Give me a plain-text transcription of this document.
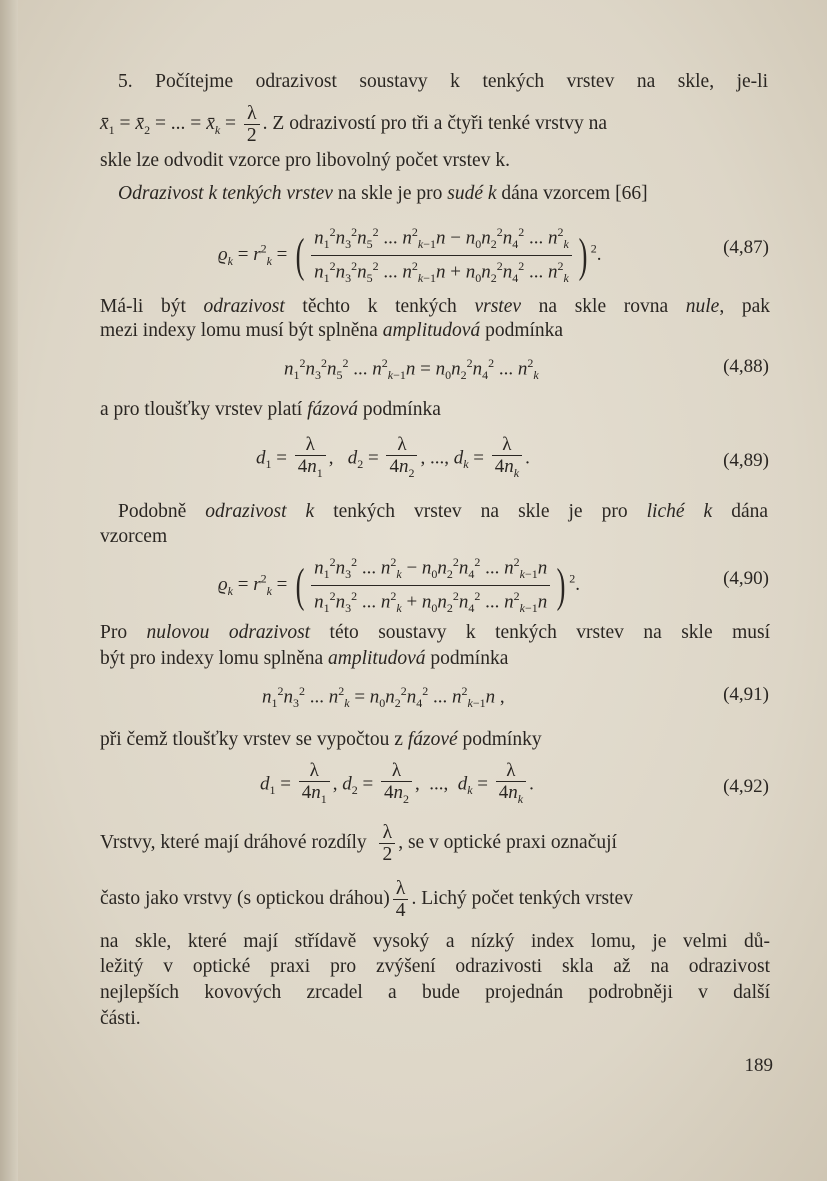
5. Počítejme odrazivost soustavy k tenkých vrstev na skle, je-li
$x̄_1$ = $x̄_2$ = ... = $x̄_k = \frac{\lambda}{2}$ . Z odrazivostí pro tři a čtyři tenké vrstvy na
skle lze odvodit vzorce pro libovolný počet vrstev k.
Odrazivost k tenkých vrstev na skle je pro sudé k dána vzorcem [66]
$ϱ_k = r^2_k$ = ( $\frac{n_1^2n_3^2n_5^2 ... n^2_{k-1}n - n_0n_2^2n_4^2 ... n^2_k}{n_1^2n_3^2n_5^2 ... n^2_{k-1}n + n_0n_2^2n_4^2 ... n^2_k}$ ) $^2$.	(4,87)
Má-li být odrazivost těchto k tenkých vrstev na skle rovna nule, pak
mezi indexy lomu musí být splněna amplitudová podmínka
$n_1^2n_3^2n_5^2$ ... $n^2_{k-1}n = n_0n_2^2n_4^2$ ... $n^2_k$	(4,88)
a pro tloušťky vrstev platí fázová podmínka
$d_1 = \frac{\lambda}{4n_1}$ ,   $d_2 = \frac{\lambda}{4n_2}$ , ..., $d_k = \frac{\lambda}{4n_k}$ .	(4,89)
Podobně odrazivost k tenkých vrstev na skle je pro liché k dána
vzorcem
$ϱ_k = r^2_k$ = ( $\frac{n_1^2n_3^2 ... n^2_k - n_0n_2^2n_4^2 ... n^2_{k-1}n}{n_1^2n_3^2 ... n^2_k + n_0n_2^2n_4^2 ... n^2_{k-1}n}$ ) $^2$.	(4,90)
Pro nulovou odrazivost této soustavy k tenkých vrstev na skle musí
být pro indexy lomu splněna amplitudová podmínka
$n_1^2n_3^2$ ... $n^2_k = n_0n_2^2n_4^2$ ... $n^2_{k-1}n$ ,	(4,91)
při čemž tloušťky vrstev se vypočtou z fázové podmínky
$d_1 = \frac{\lambda}{4n_1}$ , $d_2 = \frac{\lambda}{4n_2}$ ,  ...,  $d_k = \frac{\lambda}{4n_k}$ .	(4,92)
Vrstvy, které mají dráhové rozdíly $\frac{\lambda}{2}$ , se v optické praxi označují
často jako vrstvy (s optickou dráhou) $\frac{\lambda}{4}$ . Lichý počet tenkých vrstev
na skle, které mají střídavě vysoký a nízký index lomu, je velmi dů-
ležitý v optické praxi pro zvýšení odrazivosti skla až na odrazivost
nejlepších kovových zrcadel a bude projednán podrobněji v další
části.
189
